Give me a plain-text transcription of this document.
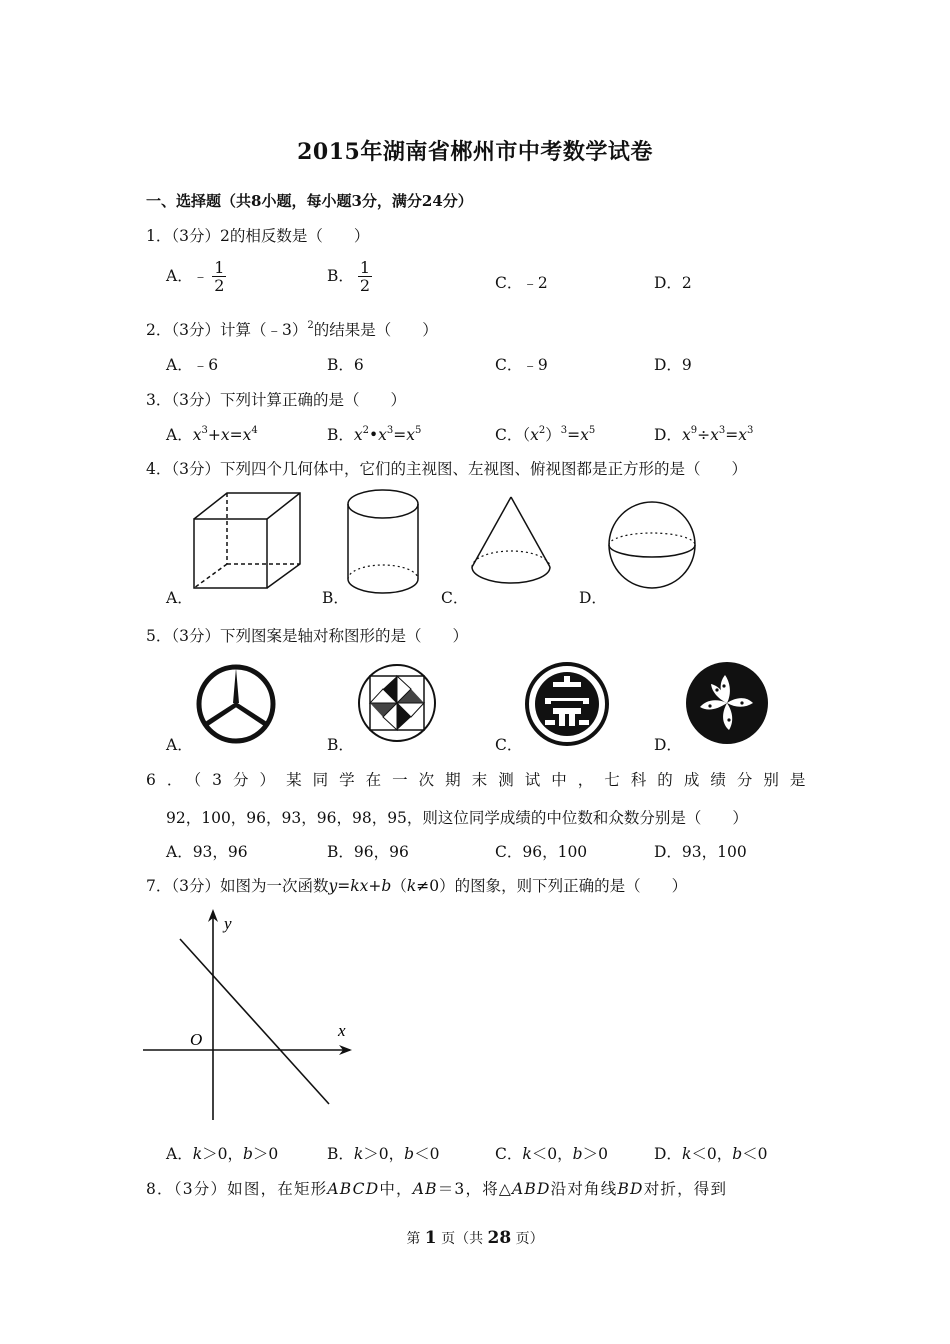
2015年湖南省郴州市中考数学试卷
一、选择题（共8小题，每小题3分，满分24分）
1．（3分）2的相反数是（　　）
A．﹣ $\frac{1}{2}$	B． $\frac{1}{2}$	C．﹣2	D．2
2．（3分）计算（﹣3）$^2$的结果是（　　）
A．﹣6	B．6	C．﹣9	D．9
3．（3分）下列计算正确的是（　　）
A．$x^3+x=x^4$	B．$x^2•x^3=x^5$	C．$(x^2)^3=x^5$	D．$x^9\div x^3=x^3$
4．（3分）下列四个几何体中，它们的主视图、左视图、俯视图都是正方形的是（　　）
A．	B．	C．	D．
5．（3分）下列图案是轴对称图形的是（　　）
A．	B．	C．	D．
6．（3分）某同学在一次期末测试中，七科的成绩分别是
92，100，96，93，96，98，95，则这位同学成绩的中位数和众数分别是（　　）
A．93，96	B．96，96	C．96，100	D．93，100
7．（3分）如图为一次函数y=kx+b（k≠0）的图象，则下列正确的是（　　）
y
x
O
A．k＞0，b＞0	B．k＞0，b＜0	C．k＜0，b＞0	D．k＜0，b＜0
8．（3分）如图，在矩形ABCD中，AB＝3，将△ABD沿对角线BD对折，得到
第 1 页（共 28 页）
